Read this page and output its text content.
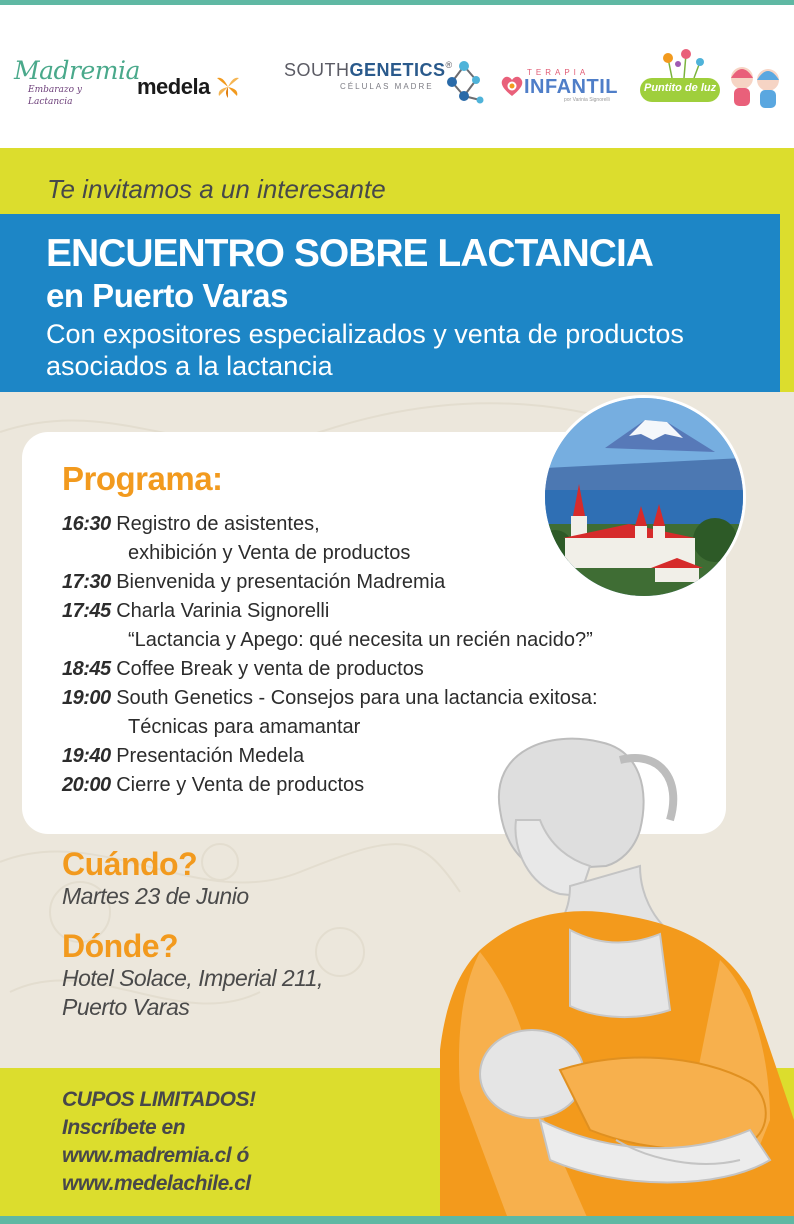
Madremia
Embarazo y Lactancia
medela
SOUTHGENETICS®
CÉLULAS MADRE
TERAPIA
INFANTIL
por Varinia Signorelli
Puntito de luz
Te invitamos a un interesante
ENCUENTRO SOBRE LACTANCIA
en Puerto Varas
Con expositores especializados y venta de productos asociados a la lactancia
Programa:
16:30 Registro de asistentes,
exhibición y Venta de productos
17:30 Bienvenida y presentación Madremia
17:45 Charla Varinia Signorelli
“Lactancia y Apego: qué necesita un recién nacido?”
18:45 Coffee Break y venta de productos
19:00 South Genetics - Consejos para una lactancia exitosa:
Técnicas para amamantar
19:40 Presentación Medela
20:00 Cierre y Venta de productos
Cuándo?
Martes 23 de Junio
Dónde?
Hotel Solace, Imperial 211,
Puerto Varas
CUPOS LIMITADOS!
Inscríbete en
www.madremia.cl ó
www.medelachile.cl
